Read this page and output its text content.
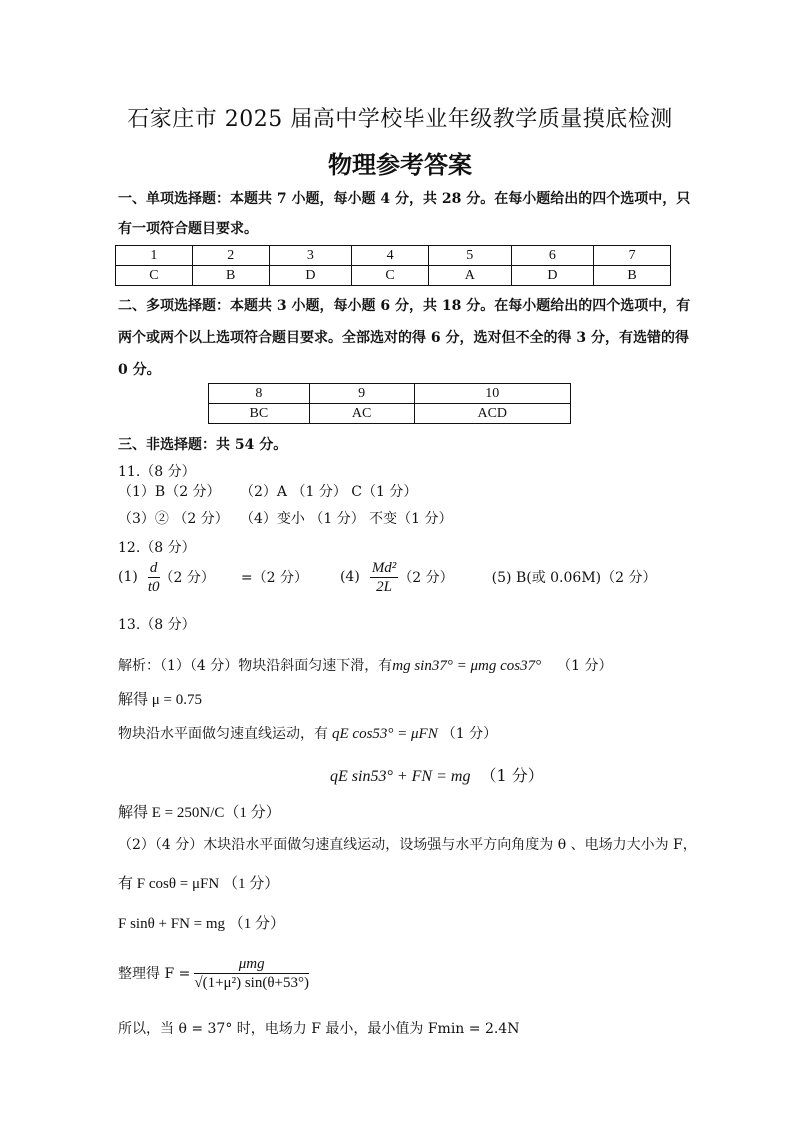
石家庄市 2025 届高中学校毕业年级教学质量摸底检测
物理参考答案
一、单项选择题：本题共 7 小题，每小题 4 分，共 28 分。在每小题给出的四个选项中，只
有一项符合题目要求。
1	2	3	4	5	6	7
C	B	D	C	A	D	B
二、多项选择题：本题共 3 小题，每小题 6 分，共 18 分。在每小题给出的四个选项中，有
两个或两个以上选项符合题目要求。全部选对的得 6 分，选对但不全的得 3 分，有选错的得
0 分。
8	9	10
BC	AC	ACD
三、非选择题：共 54 分。
11.（8 分）
（1）B（2 分） （2）A （1 分） C（1 分）
（3）② （2 分） （4）变小 （1 分） 不变（1 分）
12.（8 分）
$(1) \frac{d}{t0} (2$ 分） =（2 分） $(4) \frac{\text{Md²}}{2L} (2$ 分）	(5) B(或 0.06M)（2 分）
13.（8 分）
解析：（1）（4 分）物块沿斜面匀速下滑，有mg sin37° = μmg cos37° （1 分）
解得 μ = 0.75
物块沿水平面做匀速直线运动，有 qE cos53° = μFN （1 分）
qE sin53° + FN = mg （1 分）
解得 E = 250N/C（1 分）
（2）（4 分）木块沿水平面做匀速直线运动，设场强与水平方向角度为 θ 、电场力大小为 F，
有 F cosθ = μFN （1 分）
F sinθ + FN = mg （1 分）
整理得 $F = \frac{\text{μmg}}{\text{√(1+μ²) sin(θ+53°)}}$
所以，当 θ = 37° 时，电场力 F 最小，最小值为 Fmin = 2.4N
